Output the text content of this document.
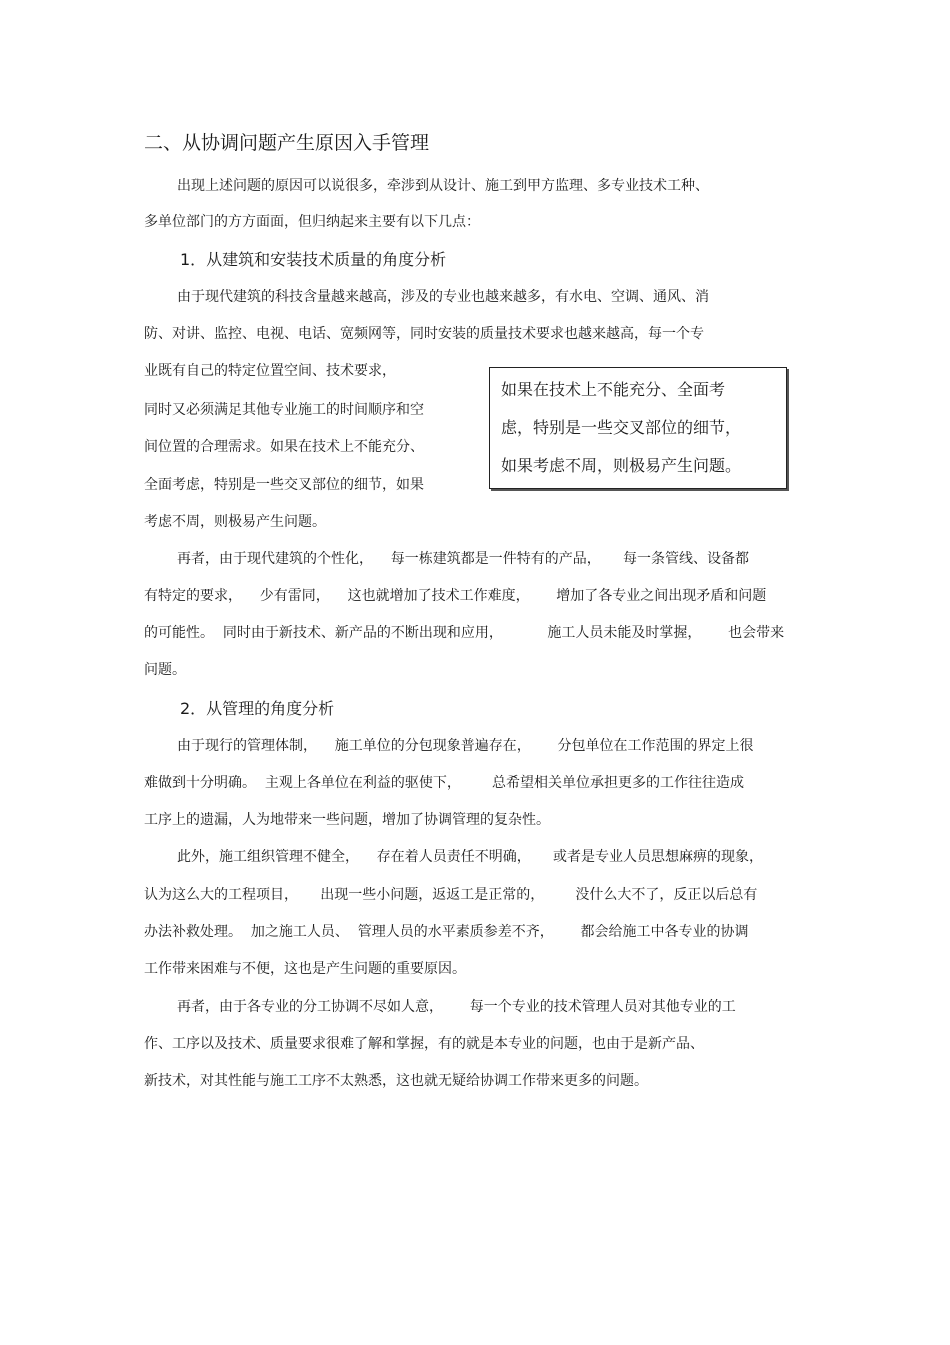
二、从协调问题产生原因入手管理
出现上述问题的原因可以说很多，牵涉到从设计、施工到甲方监理、多专业技术工种、
多单位部门的方方面面，但归纳起来主要有以下几点：
1．从建筑和安装技术质量的角度分析
由于现代建筑的科技含量越来越高，涉及的专业也越来越多，有水电、空调、通风、消
防、对讲、监控、电视、电话、宽频网等，同时安装的质量技术要求也越来越高，每一个专
业既有自己的特定位置空间、技术要求，
同时又必须满足其他专业施工的时间顺序和空
间位置的合理需求。如果在技术上不能充分、
全面考虑，特别是一些交叉部位的细节，如果
考虑不周，则极易产生问题。
如果在技术上不能充分、全面考
虑，特别是一些交叉部位的细节，
如果考虑不周，则极易产生问题。
再者，由于现代建筑的个性化，    每一栋建筑都是一件特有的产品，     每一条管线、设备都
有特定的要求，    少有雷同，    这也就增加了技术工作难度，      增加了各专业之间出现矛盾和问题
的可能性。  同时由于新技术、新产品的不断出现和应用，          施工人员未能及时掌握，      也会带来
问题。
2．从管理的角度分析
由于现行的管理体制，    施工单位的分包现象普遍存在，      分包单位在工作范围的界定上很
难做到十分明确。  主观上各单位在利益的驱使下，       总希望相关单位承担更多的工作往往造成
工序上的遗漏，人为地带来一些问题，增加了协调管理的复杂性。
此外，施工组织管理不健全，    存在着人员责任不明确，     或者是专业人员思想麻痹的现象，
认为这么大的工程项目，     出现一些小问题，返返工是正常的，       没什么大不了，反正以后总有
办法补救处理。  加之施工人员、  管理人员的水平素质参差不齐，      都会给施工中各专业的协调
工作带来困难与不便，这也是产生问题的重要原因。
再者，由于各专业的分工协调不尽如人意，      每一个专业的技术管理人员对其他专业的工
作、工序以及技术、质量要求很难了解和掌握，有的就是本专业的问题，也由于是新产品、
新技术，对其性能与施工工序不太熟悉，这也就无疑给协调工作带来更多的问题。
